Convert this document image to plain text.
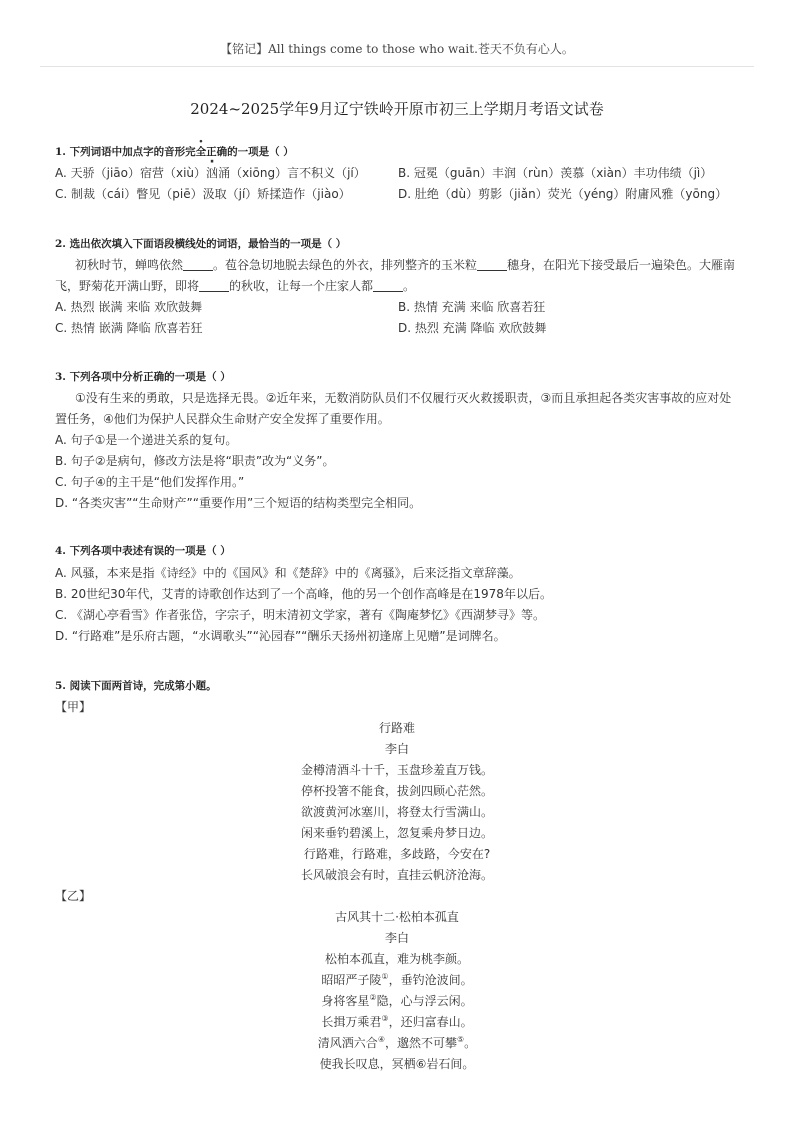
【铭记】All things come to those who wait.苍天不负有心人。
2024~2025学年9月辽宁铁岭开原市初三上学期月考语文试卷
1. 下列词语中加点字的音形完全正确的一项是（ ）
A. 天骄（jiāo）宿营（xiù）汹涌（xiōng）言不积义（jí）	B. 冠冕（guān）丰润（rùn）羡慕（xiàn）丰功伟绩（jì）
C. 制裁（cái）瞥见（piē）汲取（jí）矫揉造作（jiào）	D. 肚绝（dù）剪影（jiǎn）荧光（yéng）附庸风雅（yōng）
2. 选出依次填入下面语段横线处的词语，最恰当的一项是（ ）
初秋时节，蝉鸣依然	。苞谷急切地脱去绿色的外衣，排列整齐的玉米粒	穗身，在阳光下接受最后一遍染色。大雁南
飞，野菊花开满山野，即将	的秋收，让每一个庄家人都	。
A. 热烈 嵌满 来临 欢欣鼓舞	B. 热情 充满 来临 欣喜若狂
C. 热情 嵌满 降临 欣喜若狂	D. 热烈 充满 降临 欢欣鼓舞
3. 下列各项中分析正确的一项是（ ）
①没有生来的勇敢，只是选择无畏。②近年来，无数消防队员们不仅履行灭火救援职责，③而且承担起各类灾害事故的应对处
置任务，④他们为保护人民群众生命财产安全发挥了重要作用。
A. 句子①是一个递进关系的复句。
B. 句子②是病句，修改方法是将“职责”改为“义务”。
C. 句子④的主干是“他们发挥作用。”
D. “各类灾害”“生命财产”“重要作用”三个短语的结构类型完全相同。
4. 下列各项中表述有误的一项是（ ）
A. 风骚，本来是指《诗经》中的《国风》和《楚辞》中的《离骚》，后来泛指文章辞藻。
B. 20世纪30年代，艾青的诗歌创作达到了一个高峰，他的另一个创作高峰是在1978年以后。
C. 《湖心亭看雪》作者张岱，字宗子，明末清初文学家，著有《陶庵梦忆》《西湖梦寻》等。
D. “行路难”是乐府古题，“水调歌头”“沁园春”“酬乐天扬州初逢席上见赠”是词牌名。
5. 阅读下面两首诗，完成第小题。
【甲】
行路难
李白
金樽清酒斗十千，玉盘珍羞直万钱。
停杯投箸不能食，拔剑四顾心茫然。
欲渡黄河冰塞川，将登太行雪满山。
闲来垂钓碧溪上，忽复乘舟梦日边。
行路难，行路难，多歧路，今安在?
长风破浪会有时，直挂云帆济沧海。
【乙】
古风其十二·松柏本孤直
李白
松柏本孤直，难为桃李颜。
昭昭严子陵①，垂钓沧波间。
身将客星②隐，心与浮云闲。
长揖万乘君③，还归富春山。
清风洒六合④，邈然不可攀⑤。
使我长叹息，冥栖⑥岩石间。
